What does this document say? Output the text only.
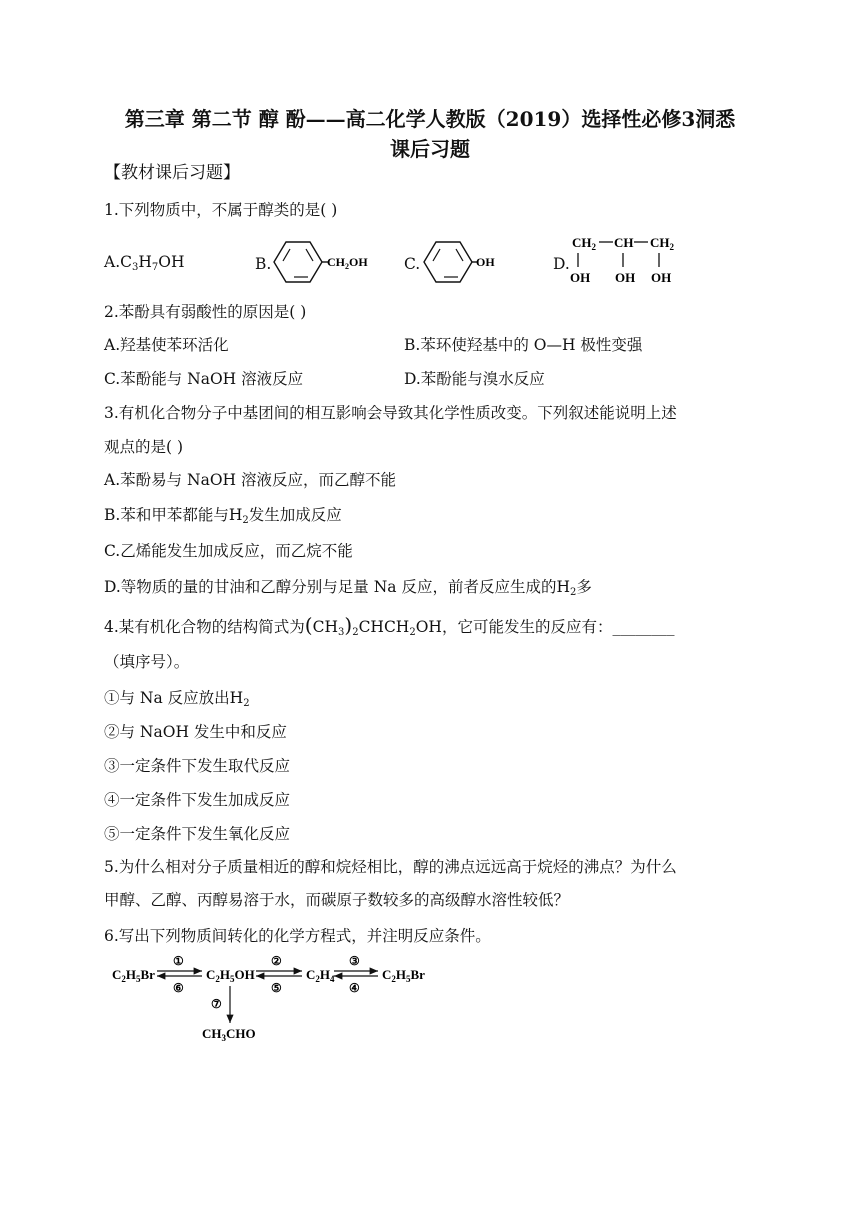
第三章 第二节 醇 酚——高二化学人教版（2019）选择性必修3洞悉
课后习题
【教材课后习题】
1.下列物质中，不属于醇类的是( )
$A.C_3H_7OH$	B.	$CH_2OH$ C.	OH	D.
$CH_2$ CH $CH_2$
OH OH OH
2.苯酚具有弱酸性的原因是( )
A.羟基使苯环活化	B.苯环使羟基中的 O—H 极性变强
C.苯酚能与 NaOH 溶液反应	D.苯酚能与溴水反应
3.有机化合物分子中基团间的相互影响会导致其化学性质改变。下列叙述能说明上述
观点的是( )
A.苯酚易与 NaOH 溶液反应，而乙醇不能
B.苯和甲苯都能与$H_2$发生加成反应
C.乙烯能发生加成反应，而乙烷不能
D.等物质的量的甘油和乙醇分别与足量 Na 反应，前者反应生成的$H_2$多
4.某有机化合物的结构简式为$(CH_3)_2CHCH_2OH$，它可能发生的反应有：________
（填序号）。
①与 Na 反应放出$H_2$
②与 NaOH 发生中和反应
③一定条件下发生取代反应
④一定条件下发生加成反应
⑤一定条件下发生氧化反应
5.为什么相对分子质量相近的醇和烷烃相比，醇的沸点远远高于烷烃的沸点？为什么
甲醇、乙醇、丙醇易溶于水，而碳原子数较多的高级醇水溶性较低？
6.写出下列物质间转化的化学方程式，并注明反应条件。
$C_2H_5Br$	$C_2H_5OH$	$C_2H_4$	$C_2H_5Br$
$CH_3CHO$
①
⑥
②
⑤
③
④
⑦
